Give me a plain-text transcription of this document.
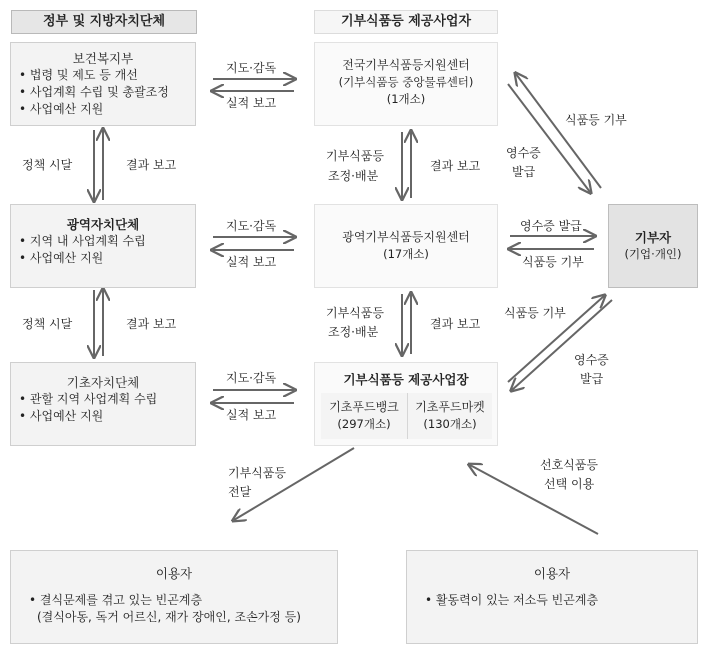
정부 및 지방자치단체	기부식품등 제공사업자
보건복지부
• 법령 및 제도 등 개선
• 사업계획 수립 및 총괄조정
• 사업예산 지원
광역자치단체
• 지역 내 사업계획 수립
• 사업예산 지원
기초자치단체
• 관할 지역 사업계획 수립
• 사업예산 지원
전국기부식품등지원센터
(기부식품등 중앙물류센터)
(1개소)
광역기부식품등지원센터
(17개소)
기부식품등 제공사업장
기초푸드뱅크
(297개소)
기초푸드마켓
(130개소)
기부자
(기업·개인)
이용자
• 결식문제를 겪고 있는 빈곤계층
(결식아동, 독거 어르신, 재가 장애인, 조손가정 등)
이용자
• 활동력이 있는 저소득 빈곤계층
지도·감독
실적 보고
지도·감독
실적 보고
지도·감독
실적 보고
정책 시달	결과 보고
정책 시달	결과 보고
기부식품등
조정·배분
결과 보고
기부식품등
조정·배분
결과 보고
식품등 기부
영수증
발급
영수증 발급
식품등 기부
식품등 기부
영수증
발급
기부식품등
전달
선호식품등
선택 이용
